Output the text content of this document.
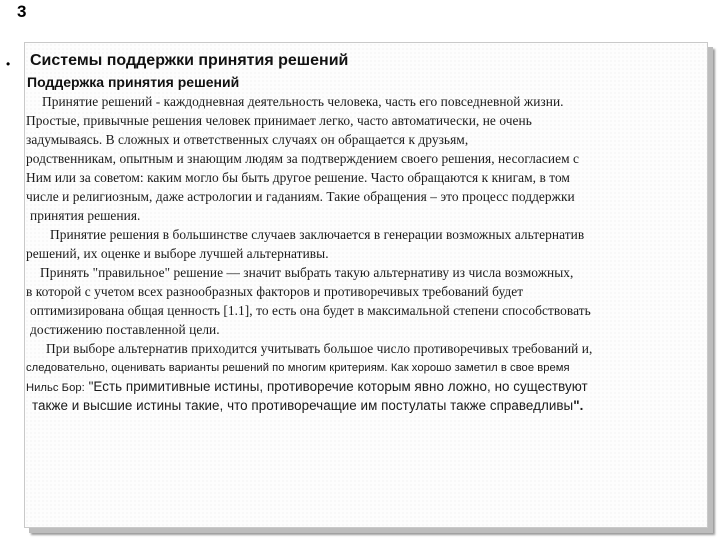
3
• Системы поддержки принятия решений
Поддержка принятия решений
Принятие решений - каждодневная деятельность человека, часть его повседневной жизни.
Простые, привычные решения человек принимает легко, часто автоматически, не очень
задумываясь. В сложных и ответственных случаях он обращается к друзьям,
родственникам, опытным и знающим людям за подтверждением своего решения, несогласием с
Ним или за советом: каким могло бы быть другое решение. Часто обращаются к книгам, в том
числе и религиозным, даже астрологии и гаданиям. Такие обращения – это процесс поддержки
принятия решения.
Принятие решения в большинстве случаев заключается в генерации возможных альтернатив
решений, их оценке и выборе лучшей альтернативы.
Принять "правильное" решение — значит выбрать такую альтернативу из числа возможных,
в которой с учетом всех разнообразных факторов и противоречивых требований будет
оптимизирована общая ценность [1.1], то есть она будет в максимальной степени способствовать
достижению поставленной цели.
При выборе альтернатив приходится учитывать большое число противоречивых требований и,
следовательно, оценивать варианты решений по многим критериям. Как хорошо заметил в свое время
Нильс Бор: "Есть примитивные истины, противоречие которым явно ложно, но существуют
также и высшие истины такие, что противоречащие им постулаты также справедливы".
